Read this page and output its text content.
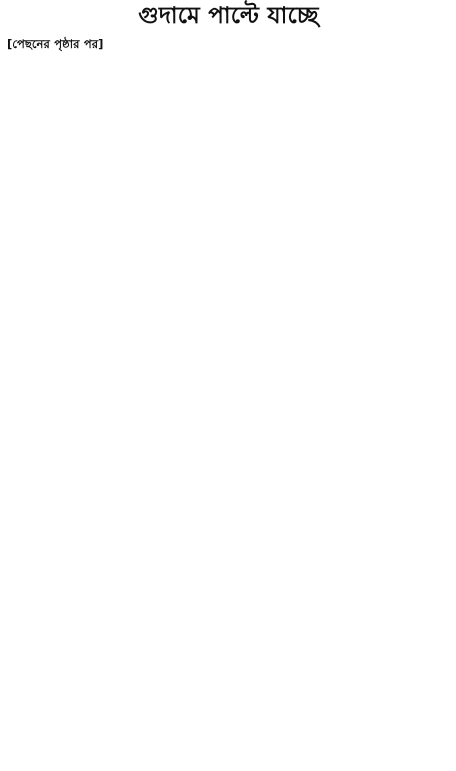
গুদামে পাল্টে যাচ্ছে

[পেছনের পৃষ্ঠার পর]
